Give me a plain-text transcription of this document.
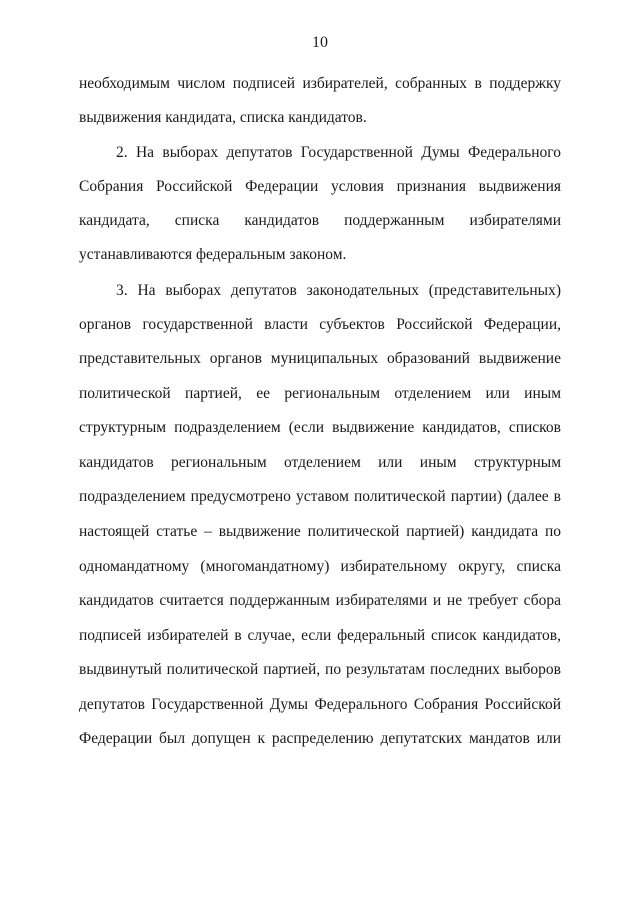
10
необходимым числом подписей избирателей, собранных в поддержку
выдвижения кандидата, списка кандидатов.
2. На выборах депутатов Государственной Думы Федерального
Собрания Российской Федерации условия признания выдвижения
кандидата, списка кандидатов поддержанным избирателями
устанавливаются федеральным законом.
3. На выборах депутатов законодательных (представительных)
органов государственной власти субъектов Российской Федерации,
представительных органов муниципальных образований выдвижение
политической партией, ее региональным отделением или иным
структурным подразделением (если выдвижение кандидатов, списков
кандидатов региональным отделением или иным структурным
подразделением предусмотрено уставом политической партии) (далее в
настоящей статье – выдвижение политической партией) кандидата по
одномандатному (многомандатному) избирательному округу, списка
кандидатов считается поддержанным избирателями и не требует сбора
подписей избирателей в случае, если федеральный список кандидатов,
выдвинутый политической партией, по результатам последних выборов
депутатов Государственной Думы Федерального Собрания Российской
Федерации был допущен к распределению депутатских мандатов или
